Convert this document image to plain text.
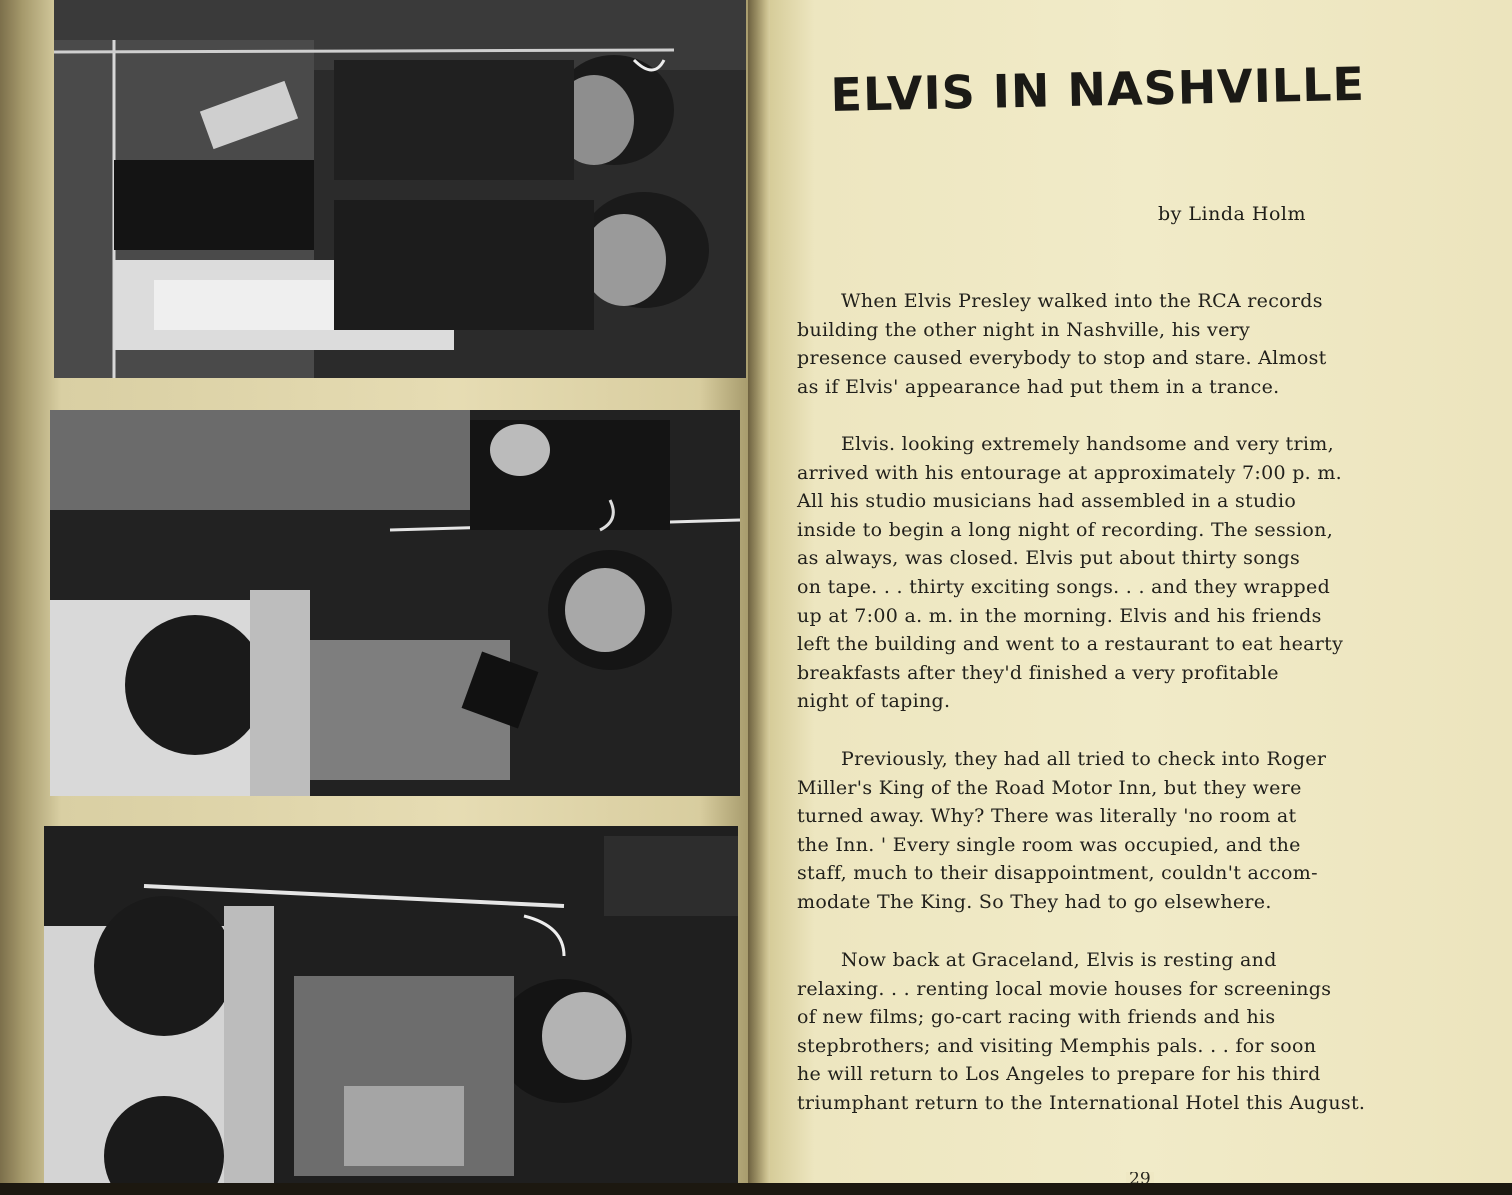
ELVIS IN NASHVILLE
by Linda Holm
When Elvis Presley walked into the RCA records
building the other night in Nashville, his very
presence caused everybody to stop and stare. Almost
as if Elvis' appearance had put them in a trance.
Elvis. looking extremely handsome and very trim,
arrived with his entourage at approximately 7:00 p. m.
All his studio musicians had assembled in a studio
inside to begin a long night of recording. The session,
as always, was closed. Elvis put about thirty songs
on tape. . . thirty exciting songs. . . and they wrapped
up at 7:00 a. m. in the morning. Elvis and his friends
left the building and went to a restaurant to eat hearty
breakfasts after they'd finished a very profitable
night of taping.
Previously, they had all tried to check into Roger
Miller's King of the Road Motor Inn, but they were
turned away. Why? There was literally 'no room at
the Inn. ' Every single room was occupied, and the
staff, much to their disappointment, couldn't accom-
modate The King. So They had to go elsewhere.
Now back at Graceland, Elvis is resting and
relaxing. . . renting local movie houses for screenings
of new films; go-cart racing with friends and his
stepbrothers; and visiting Memphis pals. . . for soon
he will return to Los Angeles to prepare for his third
triumphant return to the International Hotel this August.
29
